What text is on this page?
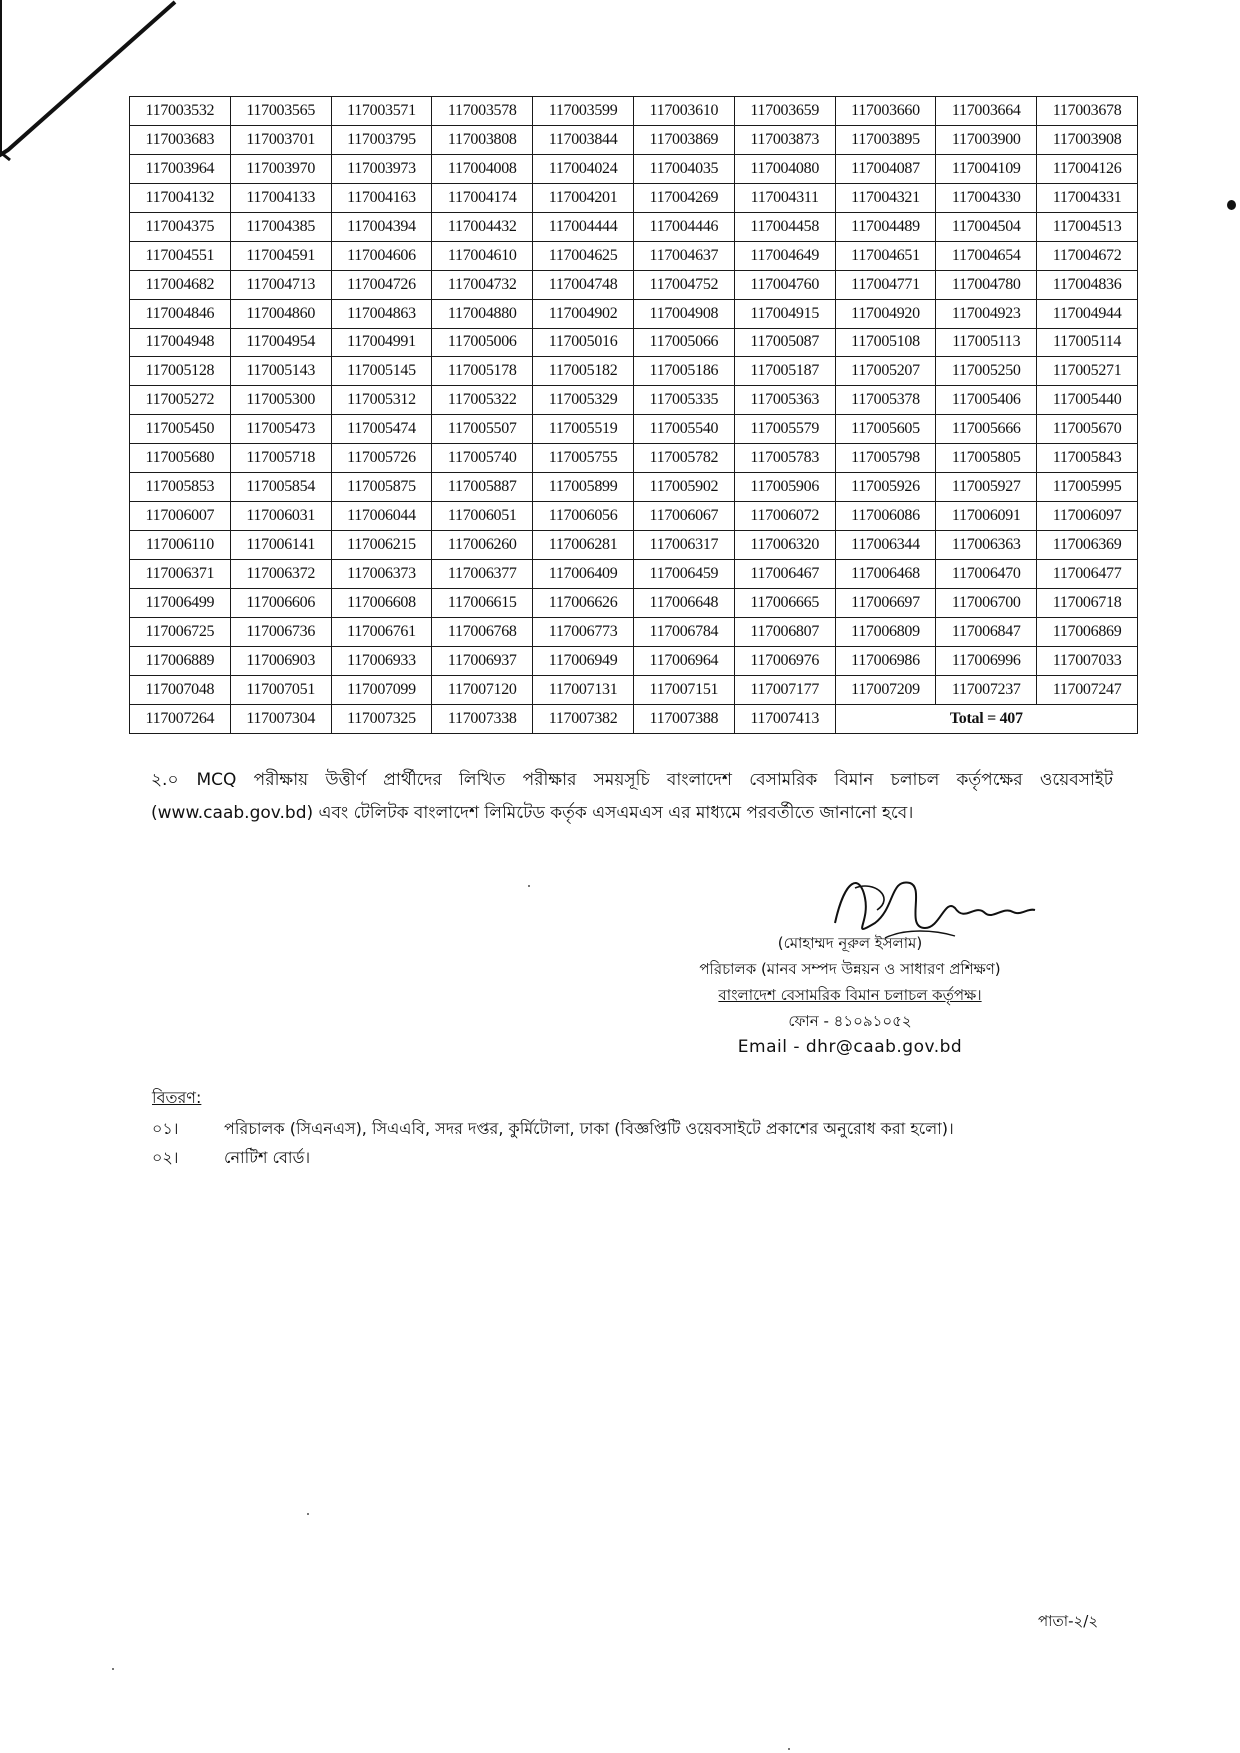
117003532	117003565	117003571	117003578	117003599	117003610	117003659	117003660	117003664	117003678
117003683	117003701	117003795	117003808	117003844	117003869	117003873	117003895	117003900	117003908
117003964	117003970	117003973	117004008	117004024	117004035	117004080	117004087	117004109	117004126
117004132	117004133	117004163	117004174	117004201	117004269	117004311	117004321	117004330	117004331
117004375	117004385	117004394	117004432	117004444	117004446	117004458	117004489	117004504	117004513
117004551	117004591	117004606	117004610	117004625	117004637	117004649	117004651	117004654	117004672
117004682	117004713	117004726	117004732	117004748	117004752	117004760	117004771	117004780	117004836
117004846	117004860	117004863	117004880	117004902	117004908	117004915	117004920	117004923	117004944
117004948	117004954	117004991	117005006	117005016	117005066	117005087	117005108	117005113	117005114
117005128	117005143	117005145	117005178	117005182	117005186	117005187	117005207	117005250	117005271
117005272	117005300	117005312	117005322	117005329	117005335	117005363	117005378	117005406	117005440
117005450	117005473	117005474	117005507	117005519	117005540	117005579	117005605	117005666	117005670
117005680	117005718	117005726	117005740	117005755	117005782	117005783	117005798	117005805	117005843
117005853	117005854	117005875	117005887	117005899	117005902	117005906	117005926	117005927	117005995
117006007	117006031	117006044	117006051	117006056	117006067	117006072	117006086	117006091	117006097
117006110	117006141	117006215	117006260	117006281	117006317	117006320	117006344	117006363	117006369
117006371	117006372	117006373	117006377	117006409	117006459	117006467	117006468	117006470	117006477
117006499	117006606	117006608	117006615	117006626	117006648	117006665	117006697	117006700	117006718
117006725	117006736	117006761	117006768	117006773	117006784	117006807	117006809	117006847	117006869
117006889	117006903	117006933	117006937	117006949	117006964	117006976	117006986	117006996	117007033
117007048	117007051	117007099	117007120	117007131	117007151	117007177	117007209	117007237	117007247
117007264	117007304	117007325	117007338	117007382	117007388	117007413	Total = 407		
২.০ MCQ পরীক্ষায় উত্তীর্ণ প্রার্থীদের লিখিত পরীক্ষার সময়সূচি বাংলাদেশ বেসামরিক বিমান চলাচল কর্তৃপক্ষের ওয়েবসাইট (www.caab.gov.bd) এবং টেলিটক বাংলাদেশ লিমিটেড কর্তৃক এসএমএস এর মাধ্যমে পরবর্তীতে জানানো হবে।
(মোহাম্মদ নূরুল ইসলাম)
পরিচালক (মানব সম্পদ উন্নয়ন ও সাধারণ প্রশিক্ষণ)
বাংলাদেশ বেসামরিক বিমান চলাচল কর্তৃপক্ষ।
ফোন - ৪১০৯১০৫২
Email - dhr@caab.gov.bd
বিতরণ:
০১।	পরিচালক (সিএনএস), সিএএবি, সদর দপ্তর, কুর্মিটোলা, ঢাকা (বিজ্ঞপ্তিটি ওয়েবসাইটে প্রকাশের অনুরোধ করা হলো)।
০২।	নোটিশ বোর্ড।
পাতা-২/২
